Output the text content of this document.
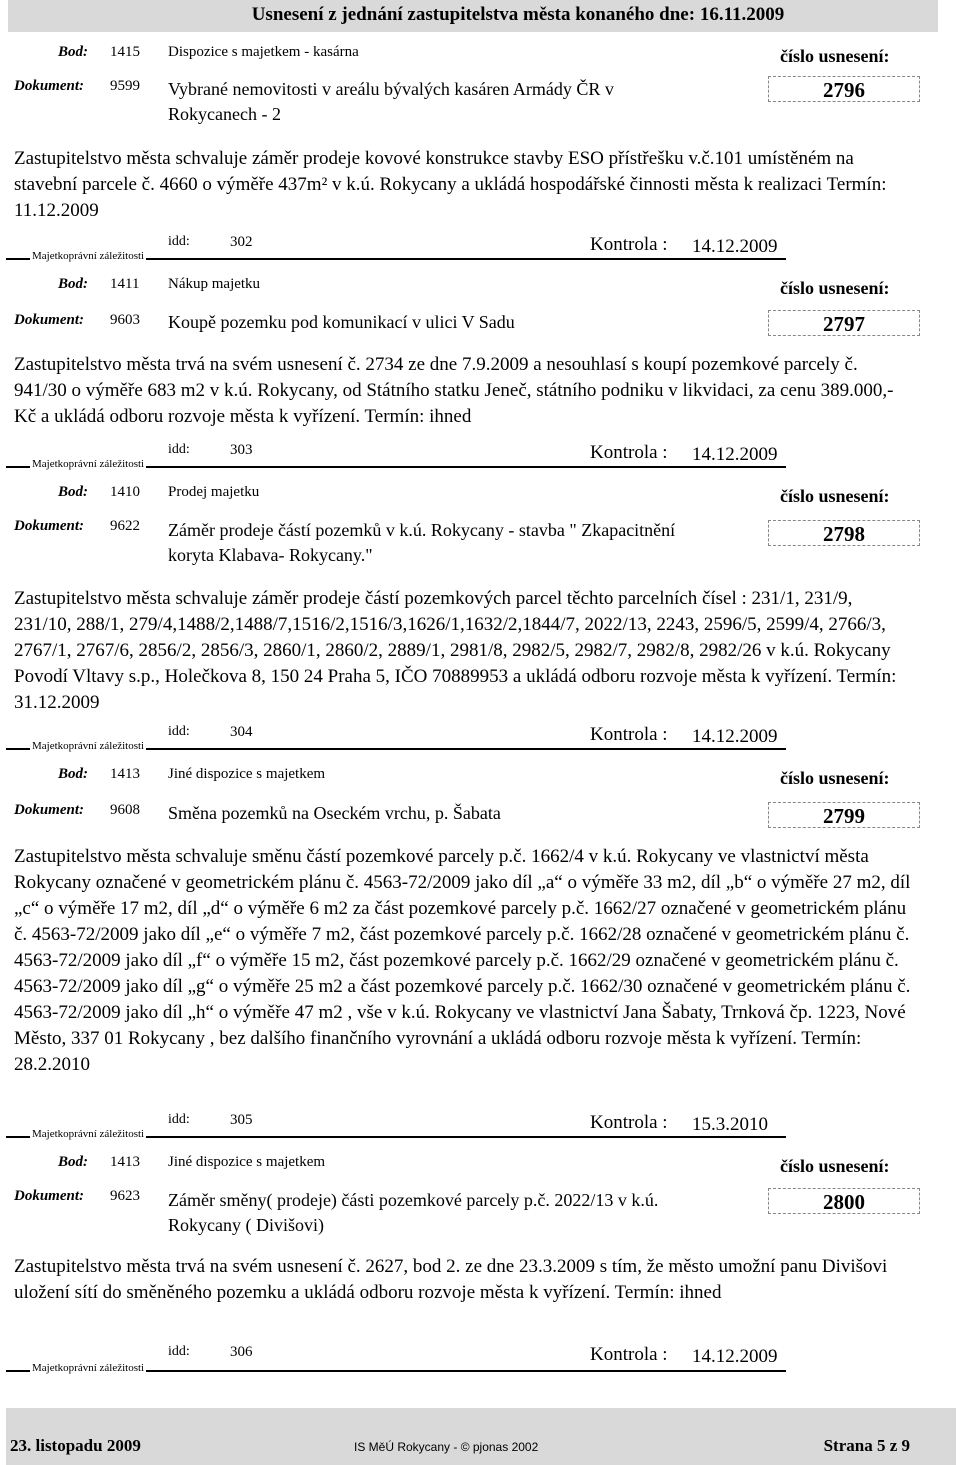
Usnesení z jednání zastupitelstva města konaného dne: 16.11.2009
Bod: 1415 Dispozice s majetkem - kasárna	číslo usnesení:
Dokument: 9599 Vybrané nemovitosti v areálu bývalých kasáren Armády ČR v
Rokycanech - 2
2796
Zastupitelstvo města schvaluje záměr prodeje kovové konstrukce stavby ESO přístřešku v.č.101 umístěném na stavební parcele č. 4660 o výměře 437m² v k.ú. Rokycany a ukládá hospodářské činnosti města k realizaci Termín: 11.12.2009
idd:	302	Kontrola : 14.12.2009
Majetkoprávní záležitosti
Bod: 1411 Nákup majetku	číslo usnesení:
Dokument: 9603 Koupě pozemku pod komunikací v ulici V Sadu	2797
Zastupitelstvo města trvá na svém usnesení č. 2734 ze dne 7.9.2009 a nesouhlasí s koupí pozemkové parcely č. 941/30 o výměře 683 m2 v k.ú. Rokycany, od Státního statku Jeneč, státního podniku v likvidaci, za cenu 389.000,- Kč a ukládá odboru rozvoje města k vyřízení. Termín: ihned
idd:	303	Kontrola : 14.12.2009
Majetkoprávní záležitosti
Bod: 1410 Prodej majetku	číslo usnesení:
Dokument: 9622 Záměr prodeje částí pozemků v k.ú. Rokycany - stavba " Zkapacitnění
koryta Klabava- Rokycany."
2798
Zastupitelstvo města schvaluje záměr prodeje částí pozemkových parcel těchto parcelních čísel : 231/1, 231/9, 231/10, 288/1, 279/4,1488/2,1488/7,1516/2,1516/3,1626/1,1632/2,1844/7, 2022/13, 2243, 2596/5, 2599/4, 2766/3, 2767/1, 2767/6, 2856/2, 2856/3, 2860/1, 2860/2, 2889/1, 2981/8, 2982/5, 2982/7, 2982/8, 2982/26 v k.ú. Rokycany Povodí Vltavy s.p., Holečkova 8, 150 24 Praha 5, IČO 70889953 a ukládá odboru rozvoje města k vyřízení. Termín: 31.12.2009
idd:	304	Kontrola : 14.12.2009
Majetkoprávní záležitosti
Bod: 1413 Jiné dispozice s majetkem	číslo usnesení:
Dokument: 9608 Směna pozemků na Oseckém vrchu, p. Šabata	2799
Zastupitelstvo města schvaluje směnu částí pozemkové parcely p.č. 1662/4 v k.ú. Rokycany ve vlastnictví města Rokycany označené v geometrickém plánu č. 4563-72/2009 jako díl „a“ o výměře 33 m2, díl „b“ o výměře 27 m2, díl „c“ o výměře 17 m2, díl „d“ o výměře 6 m2 za část pozemkové parcely p.č. 1662/27 označené v geometrickém plánu č. 4563-72/2009 jako díl „e“ o výměře 7 m2, část pozemkové parcely p.č. 1662/28 označené v geometrickém plánu č. 4563-72/2009 jako díl „f“ o výměře 15 m2, část pozemkové parcely p.č. 1662/29 označené v geometrickém plánu č. 4563-72/2009 jako díl „g“ o výměře 25 m2 a část pozemkové parcely p.č. 1662/30 označené v geometrickém plánu č. 4563-72/2009 jako díl „h“ o výměře 47 m2 , vše v k.ú. Rokycany ve vlastnictví Jana Šabaty, Trnková čp. 1223, Nové Město, 337 01 Rokycany , bez dalšího finančního vyrovnání a ukládá odboru rozvoje města k vyřízení. Termín: 28.2.2010
idd:	305	Kontrola : 15.3.2010
Majetkoprávní záležitosti
Bod: 1413 Jiné dispozice s majetkem	číslo usnesení:
Dokument: 9623 Záměr směny( prodeje) části pozemkové parcely p.č. 2022/13 v k.ú.
Rokycany ( Divišovi)
2800
Zastupitelstvo města trvá na svém usnesení č. 2627, bod 2. ze dne 23.3.2009 s tím, že město umožní panu Divišovi uložení sítí do směněného pozemku a ukládá odboru rozvoje města k vyřízení. Termín: ihned
idd:	306	Kontrola : 14.12.2009
Majetkoprávní záležitosti
23. listopadu 2009	IS MěÚ Rokycany - © pjonas 2002	Strana 5 z 9
